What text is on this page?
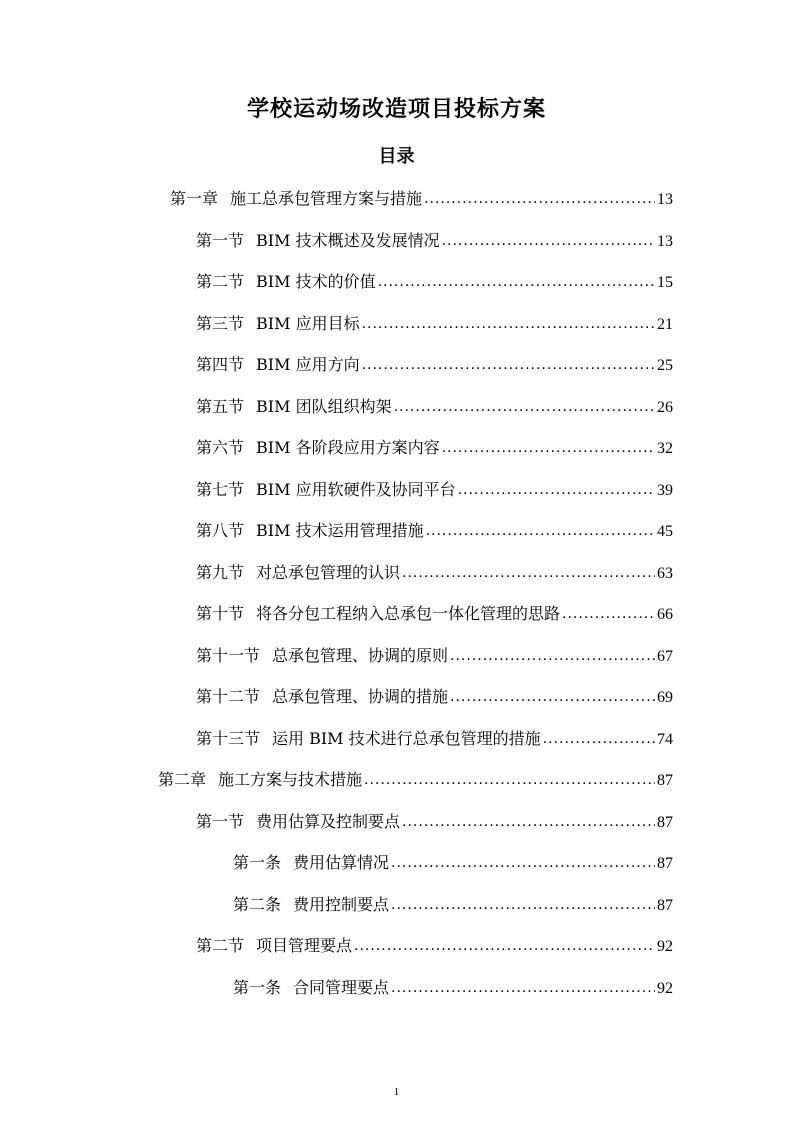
学校运动场改造项目投标方案
目录
第一章 施工总承包管理方案与措施 .....	13
第一节 BIM 技术概述及发展情况 .....	13
第二节 BIM 技术的价值 .....	15
第三节 BIM 应用目标 .....	21
第四节 BIM 应用方向 .....	25
第五节 BIM 团队组织构架 .....	26
第六节 BIM 各阶段应用方案内容 .....	32
第七节 BIM 应用软硬件及协同平台 .....	39
第八节 BIM 技术运用管理措施 .....	45
第九节 对总承包管理的认识 .....	63
第十节 将各分包工程纳入总承包一体化管理的思路 .....	66
第十一节 总承包管理、协调的原则 .....	67
第十二节 总承包管理、协调的措施 .....	69
第十三节 运用 BIM 技术进行总承包管理的措施 .....	74
第二章 施工方案与技术措施 .....	87
第一节 费用估算及控制要点 .....	87
第一条 费用估算情况 .....	87
第二条 费用控制要点 .....	87
第二节 项目管理要点 .....	92
第一条 合同管理要点 .....	92
1
